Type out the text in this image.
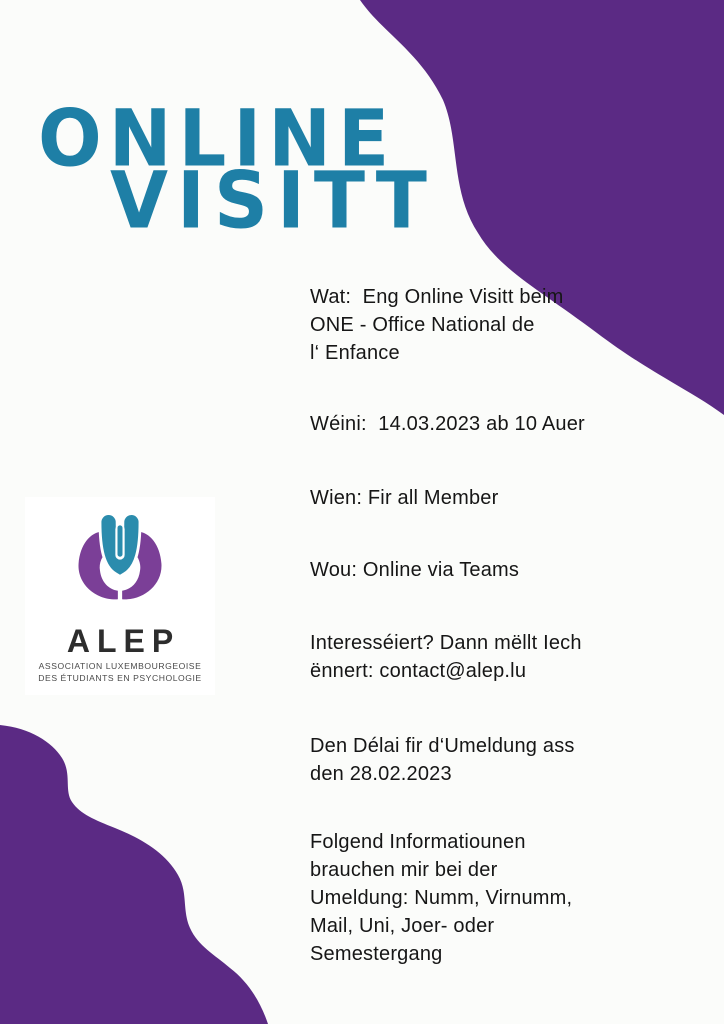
ONLINE
VISITT
ALEP
ASSOCIATION LUXEMBOURGEOISE
DES ÉTUDIANTS EN PSYCHOLOGIE
Wat:  Eng Online Visitt beim
ONE - Office National de
l‘ Enfance
Wéini:  14.03.2023 ab 10 Auer
Wien: Fir all Member
Wou: Online via Teams
Interesséiert? Dann mëllt Iech
ënnert: contact@alep.lu
Den Délai fir d‘Umeldung ass
den 28.02.2023
Folgend Informatiounen
brauchen mir bei der
Umeldung: Numm, Virnumm,
Mail, Uni, Joer- oder
Semestergang
